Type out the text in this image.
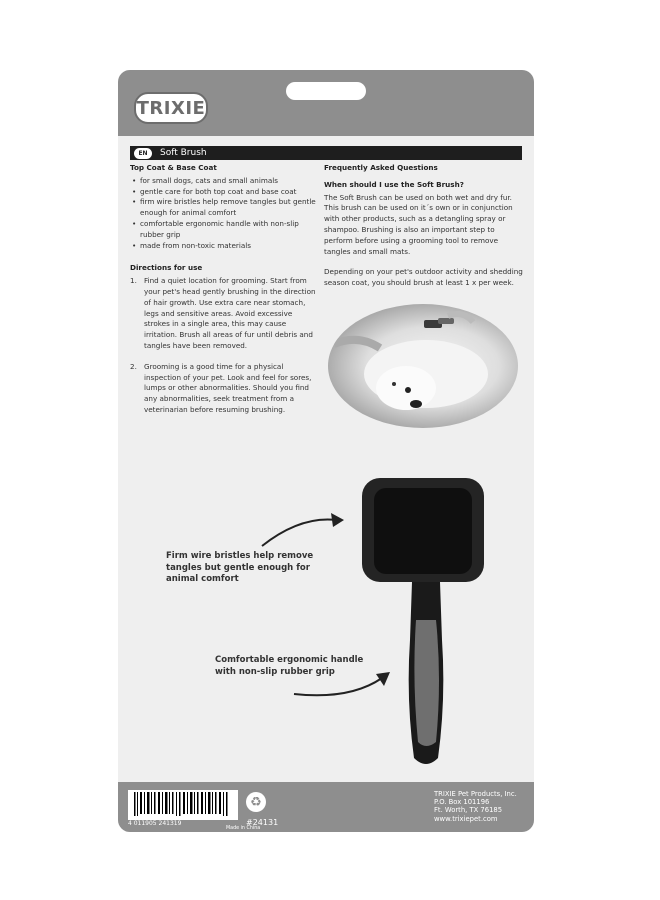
TRIXIE
EN	Soft Brush
Top Coat & Base Coat
• for small dogs, cats and small animals
• gentle care for both top coat and base coat
• firm wire bristles help remove tangles but gentle enough for animal comfort
• comfortable ergonomic handle with non-slip rubber grip
• made from non-toxic materials
Directions for use
1. Find a quiet location for grooming. Start from your pet's head gently brushing in the direction of hair growth. Use extra care near stomach, legs and sensitive areas. Avoid excessive strokes in a single area, this may cause irritation. Brush all areas of fur until debris and tangles have been removed.
2. Grooming is a good time for a physical inspection of your pet. Look and feel for sores, lumps or other abnormalities. Should you find any abnormalities, seek treatment from a veterinarian before resuming brushing.
Frequently Asked Questions
When should I use the Soft Brush?

The Soft Brush can be used on both wet and dry fur. This brush can be used on it´s own or in conjunction with other products, such as a detangling spray or shampoo. Brushing is also an important step to perform before using a grooming tool to remove tangles and small mats.

Depending on your pet's outdoor activity and shedding season coat, you should brush at least 1 x per week.

4 011905 241319
♻
#24131
Made in China
TRIXIE Pet Products, Inc.
P.O. Box 101196
Ft. Worth, TX 76185
www.trixiepet.com
Firm wire bristles help remove tangles but gentle enough for animal comfort
Comfortable ergonomic handle with non-slip rubber grip
